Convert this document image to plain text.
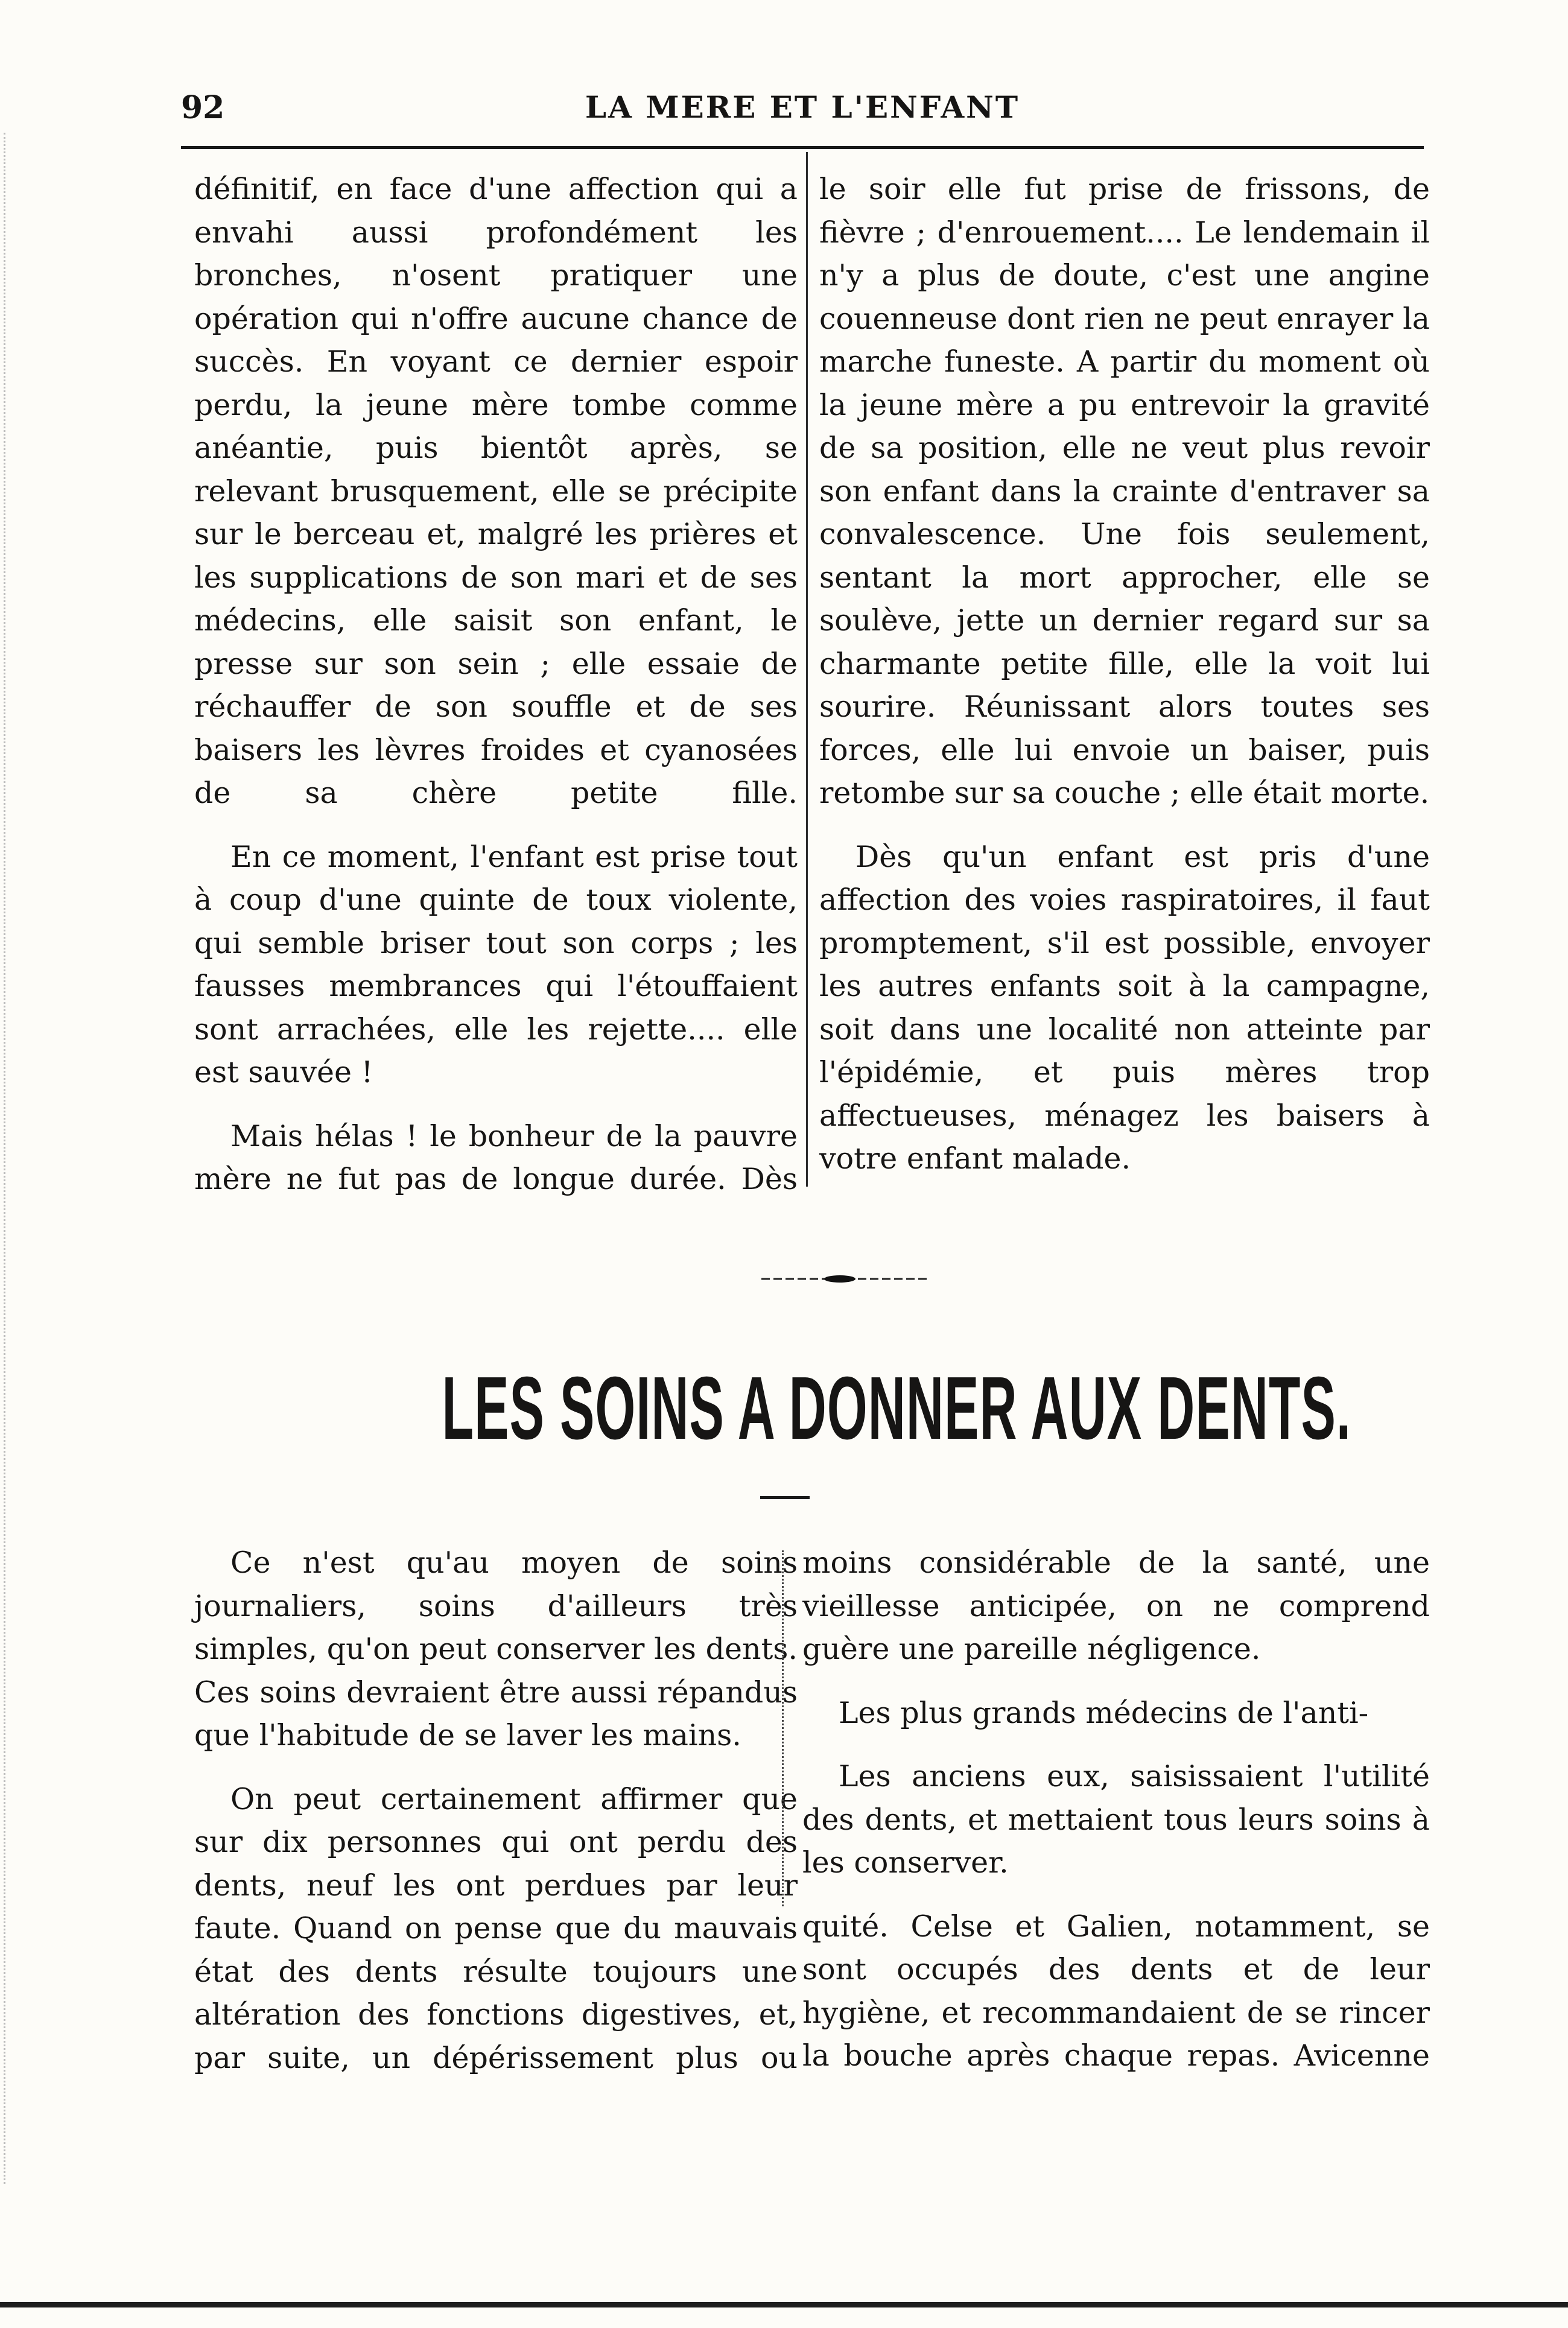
92	LA MERE ET L'ENFANT

définitif, en face d'une affection qui a envahi aussi profondément les bronches, n'osent pratiquer une opération qui n'offre aucune chance de succès. En voyant ce dernier espoir perdu, la jeune mère tombe comme anéantie, puis bientôt après, se relevant brusquement, elle se précipite sur le berceau et, malgré les prières et les supplications de son mari et de ses médecins, elle saisit son enfant, le presse sur son sein ; elle essaie de réchauffer de son souffle et de ses baisers les lèvres froides et cyanosées de sa chère petite fille.

En ce moment, l'enfant est prise tout à coup d'une quinte de toux violente, qui semble briser tout son corps ; les fausses membrances qui l'étouffaient sont arrachées, elle les rejette.... elle est sauvée !

Mais hélas ! le bonheur de la pauvre mère ne fut pas de longue durée. Dès

le soir elle fut prise de frissons, de fièvre ; d'enrouement.... Le lendemain il n'y a plus de doute, c'est une angine couenneuse dont rien ne peut enrayer la marche funeste. A partir du moment où la jeune mère a pu entrevoir la gravité de sa position, elle ne veut plus revoir son enfant dans la crainte d'entraver sa convalescence. Une fois seulement, sentant la mort approcher, elle se soulève, jette un dernier regard sur sa charmante petite fille, elle la voit lui sourire. Réunissant alors toutes ses forces, elle lui envoie un baiser, puis retombe sur sa couche ; elle était morte.

Dès qu'un enfant est pris d'une affection des voies raspiratoires, il faut promptement, s'il est possible, envoyer les autres enfants soit à la campagne, soit dans une localité non atteinte par l'épidémie, et puis mères trop affectueuses, ménagez les baisers à votre enfant malade.

LES SOINS A DONNER AUX DENTS.

Ce n'est qu'au moyen de soins journaliers, soins d'ailleurs très simples, qu'on peut conserver les dents. Ces soins devraient être aussi répandus que l'habitude de se laver les mains.

On peut certainement affirmer que sur dix personnes qui ont perdu des dents, neuf les ont perdues par leur faute. Quand on pense que du mauvais état des dents résulte toujours une altération des fonctions digestives, et, par suite, un dépérissement plus ou

moins considérable de la santé, une vieillesse anticipée, on ne comprend guère une pareille négligence.

Les plus grands médecins de l'anti-

Les anciens eux, saisissaient l'utilité des dents, et mettaient tous leurs soins à les conserver.

quité. Celse et Galien, notamment, se sont occupés des dents et de leur hygiène, et recommandaient de se rincer la bouche après chaque repas. Avicenne
